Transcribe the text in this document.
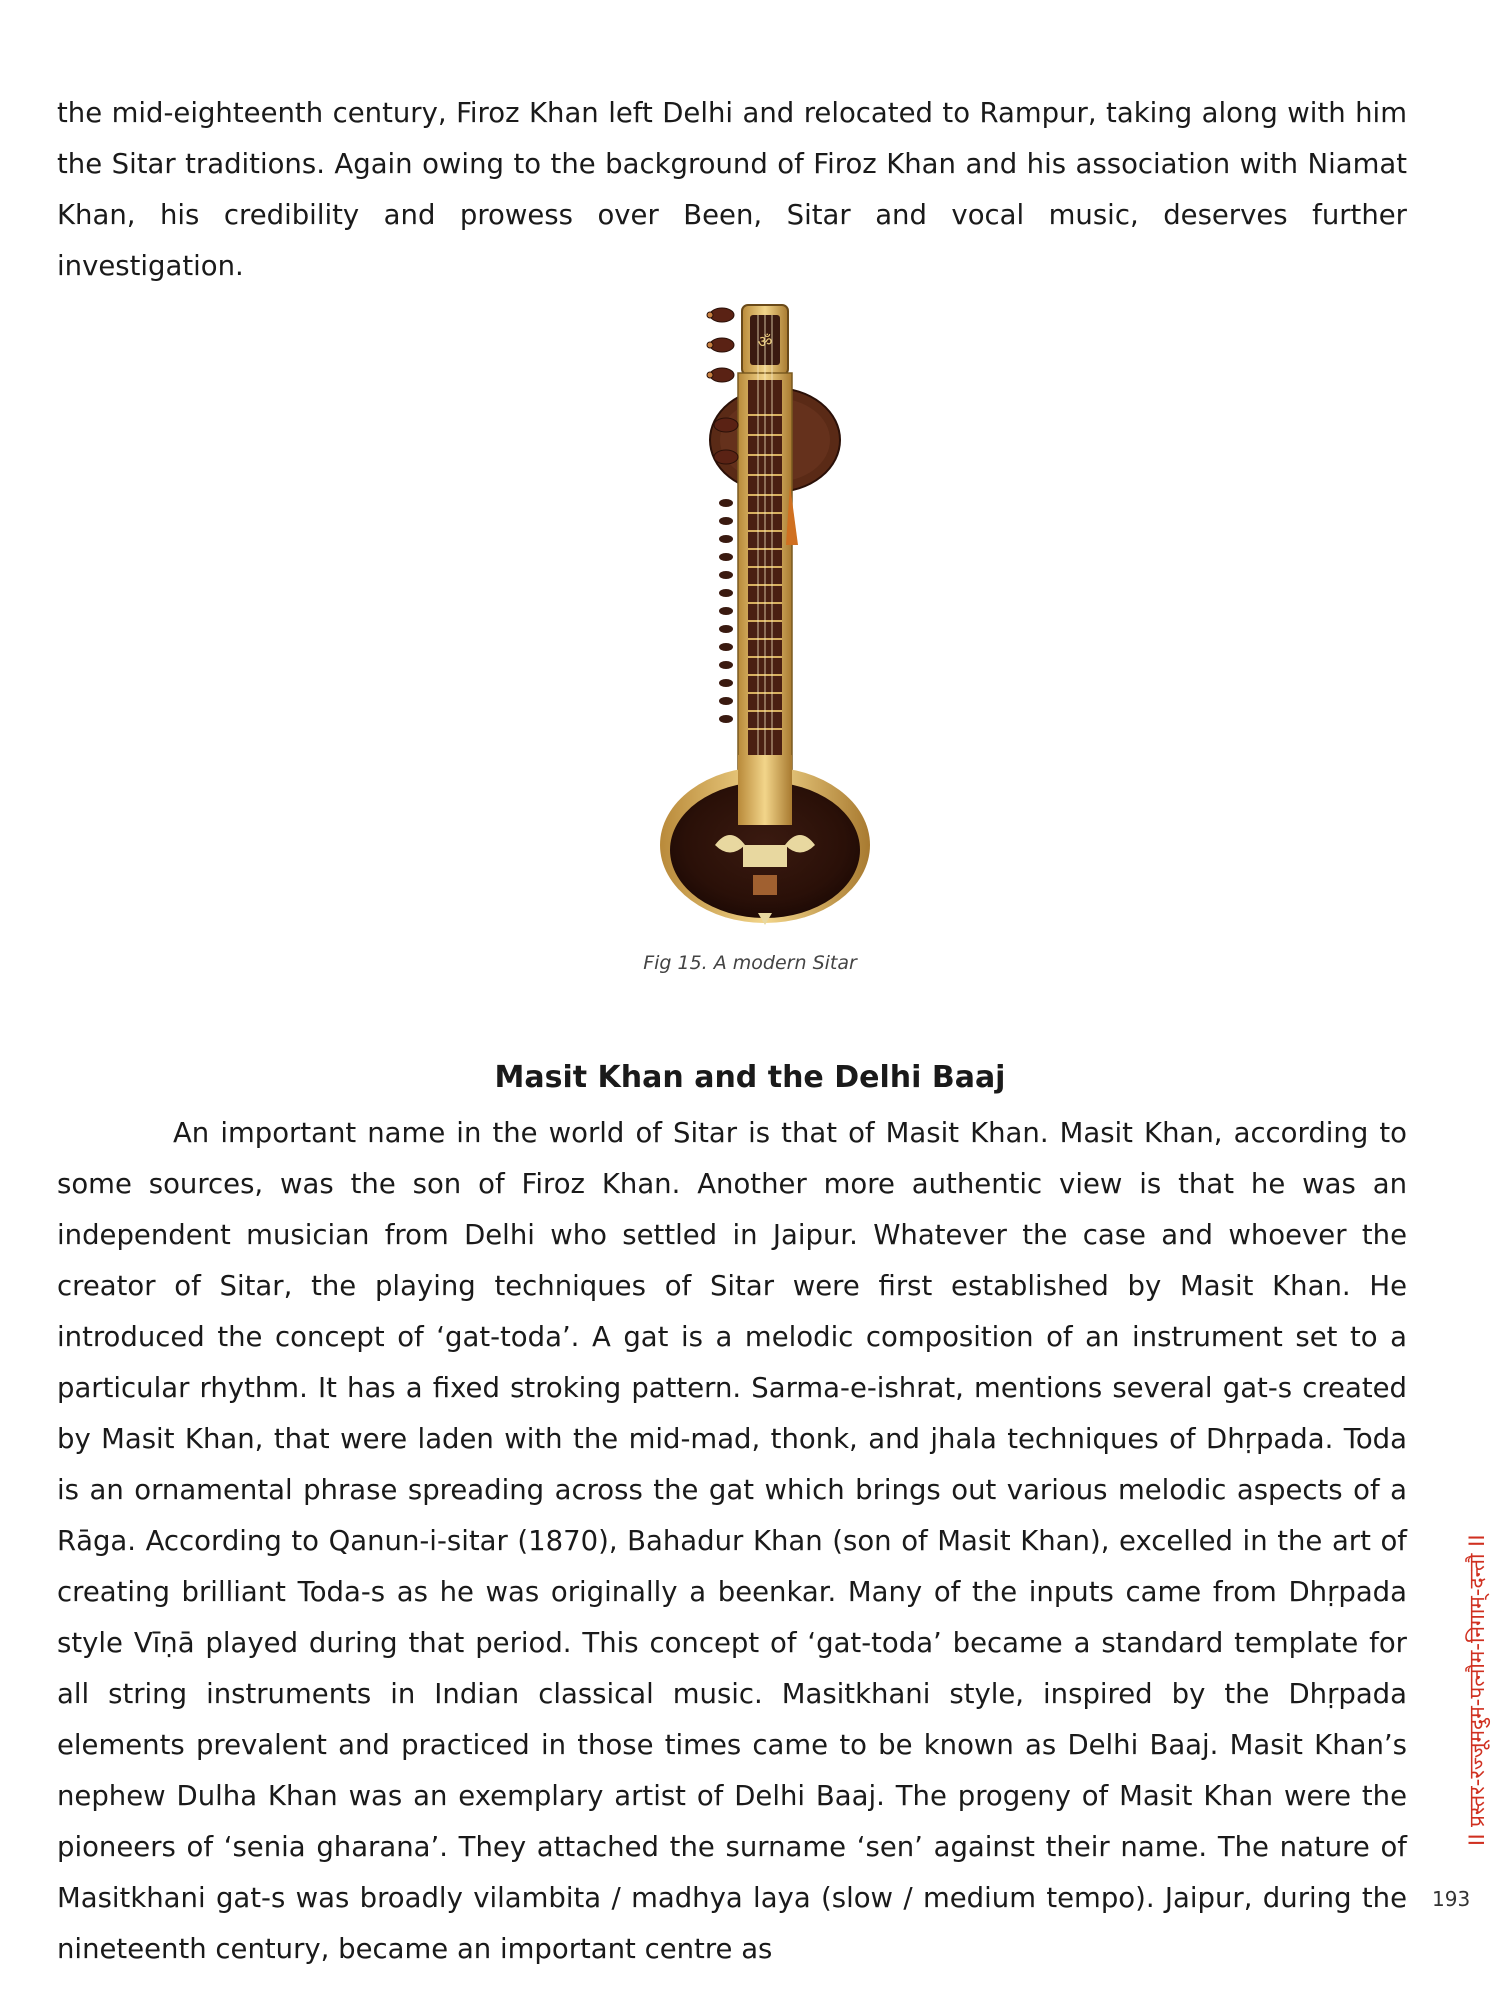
the mid-eighteenth century, Firoz Khan left Delhi and relocated to Rampur, taking along with him the Sitar traditions. Again owing to the background of Firoz Khan and his association with Niamat Khan, his credibility and prowess over Been, Sitar and vocal music, deserves further investigation.

ॐ
Fig 15. A modern Sitar
Masit Khan and the Delhi Baaj

An important name in the world of Sitar is that of Masit Khan. Masit Khan, according to some sources, was the son of Firoz Khan. Another more authentic view is that he was an independent musician from Delhi who settled in Jaipur. Whatever the case and whoever the creator of Sitar, the playing techniques of Sitar were first established by Masit Khan. He introduced the concept of ‘gat-toda’. A gat is a melodic composition of an instrument set to a particular rhythm. It has a fixed stroking pattern. Sarma-e-ishrat, mentions several gat-s created by Masit Khan, that were laden with the mid-mad, thonk, and jhala techniques of Dhṛpada. Toda is an ornamental phrase spreading across the gat which brings out various melodic aspects of a Rāga. According to Qanun-i-sitar (1870), Bahadur Khan (son of Masit Khan), excelled in the art of creating brilliant Toda-s as he was originally a beenkar. Many of the inputs came from Dhṛpada style Vīṇā played during that period. This concept of ‘gat-toda’ became a standard template for all string instruments in Indian classical music. Masitkhani style, inspired by the Dhṛpada elements prevalent and practiced in those times came to be known as Delhi Baaj. Masit Khan’s nephew Dulha Khan was an exemplary artist of Delhi Baaj. The progeny of Masit Khan were the pioneers of ‘senia gharana’. They attached the surname ‘sen’ against their name. The nature of Masitkhani gat-s was broadly vilambita / madhya laya (slow / medium tempo). Jaipur, during the nineteenth century, became an important centre as

II प्रस्तर-रज्जूमदुम-पत्नौम-निगाम्-दन्तौ II
193
